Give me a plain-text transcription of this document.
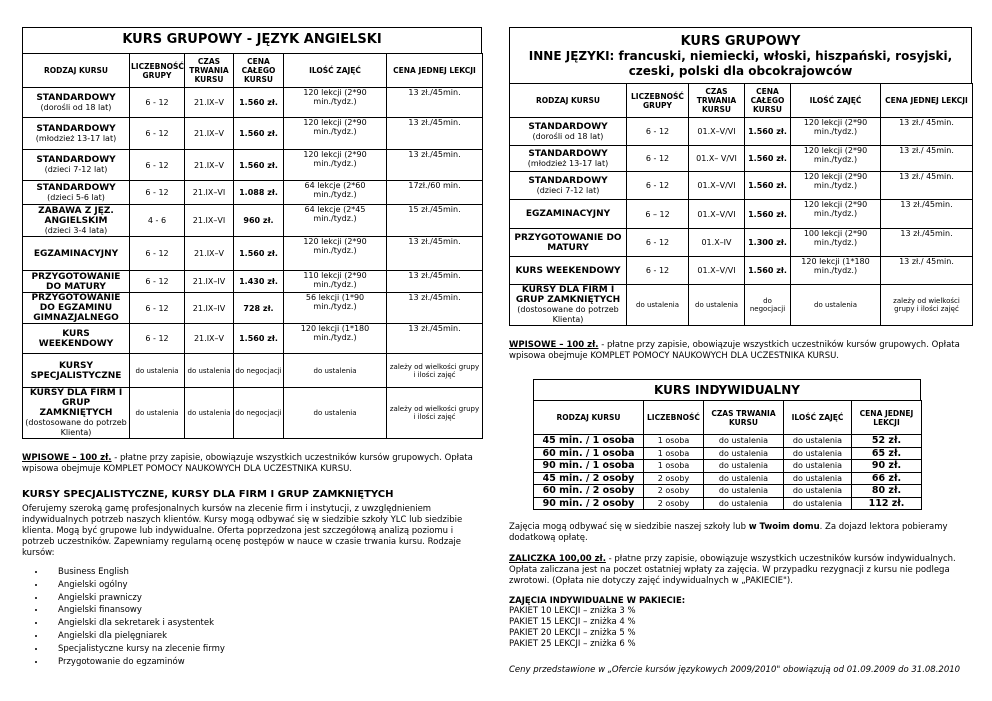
KURS GRUPOWY - JĘZYK ANGIELSKI
RODZAJ KURSU	LICZEBNOŚĆ GRUPY	CZAS TRWANIA KURSU	CENA CAŁEGO KURSU	ILOŚĆ ZAJĘĆ	CENA JEDNEJ LEKCJI

STANDARDOWY
(dorośli od 18 lat)	6 - 12	21.IX–V	1.560 zł.	120 lekcji (2*90 min./tydz.)	13 zł./45min.

STANDARDOWY
(młodzież 13-17 lat)	6 - 12	21.IX–V	1.560 zł.	120 lekcji (2*90 min./tydz.)	13 zł./45min.

STANDARDOWY
(dzieci 7-12 lat)	6 - 12	21.IX–V	1.560 zł.	120 lekcji (2*90 min./tydz.)	13 zł./45min.

STANDARDOWY
(dzieci 5-6 lat)	6 - 12	21.IX–VI	1.088 zł.	64 lekcje (2*60 min./tydz.)	17zł./60 min.

ZABAWA Z JĘZ. ANGIELSKIM
(dzieci 3-4 lata)	4 - 6	21.IX–VI	960 zł.	64 lekcje (2*45 min./tydz.)	15 zł./45min.

EGZAMINACYJNY	6 - 12	21.IX–V	1.560 zł.	120 lekcji (2*90 min./tydz.)	13 zł./45min.

PRZYGOTOWANIE DO MATURY	6 - 12	21.IX–IV	1.430 zł.	110 lekcji (2*90 min./tydz.)	13 zł./45min.

PRZYGOTOWANIE DO EGZAMINU GIMNAZJALNEGO	6 - 12	21.IX–IV	728 zł.	56 lekcji (1*90 min./tydz.)	13 zł./45min.

KURS WEEKENDOWY	6 - 12	21.IX–V	1.560 zł.	120 lekcji (1*180 min./tydz.)	13 zł./45min.

KURSY SPECJALISTYCZNE	do ustalenia	do ustalenia	do negocjacji	do ustalenia	zależy od wielkości grupy i ilości zajęć

KURSY DLA FIRM I GRUP ZAMKNIĘTYCH
(dostosowane do potrzeb Klienta)	do ustalenia	do ustalenia	do negocjacji	do ustalenia	zależy od wielkości grupy i ilości zajęć

WPISOWE – 100 zł. - płatne przy zapisie, obowiązuje wszystkich uczestników kursów grupowych. Opłata wpisowa obejmuje KOMPLET POMOCY NAUKOWYCH DLA UCZESTNIKA KURSU.

KURSY SPECJALISTYCZNE, KURSY DLA FIRM I GRUP ZAMKNIĘTYCH

Oferujemy szeroką gamę profesjonalnych kursów na zlecenie firm i instytucji, z uwzględnieniem indywidualnych potrzeb naszych klientów. Kursy mogą odbywać się w siedzibie szkoły YLC lub siedzibie klienta. Mogą być grupowe lub indywidualne. Oferta poprzedzona jest szczegółową analizą poziomu i potrzeb uczestników. Zapewniamy regularną ocenę postępów w nauce w czasie trwania kursu. Rodzaje kursów:

• Business English
• Angielski ogólny
• Angielski prawniczy
• Angielski finansowy
• Angielski dla sekretarek i asystentek
• Angielski dla pielęgniarek
• Specjalistyczne kursy na zlecenie firmy
• Przygotowanie do egzaminów
KURS GRUPOWY
INNE JĘZYKI: francuski, niemiecki, włoski, hiszpański, rosyjski, czeski, polski dla obcokrajowców
RODZAJ KURSU	LICZEBNOŚĆ GRUPY	CZAS TRWANIA KURSU	CENA CAŁEGO KURSU	ILOŚĆ ZAJĘĆ	CENA JEDNEJ LEKCJI

STANDARDOWY
(dorośli od 18 lat)	6 - 12	01.X–V/VI	1.560 zł.	120 lekcji (2*90 min./tydz.)	13 zł./ 45min.

STANDARDOWY
(młodzież 13-17 lat)	6 - 12	01.X– V/VI	1.560 zł.	120 lekcji (2*90 min./tydz.)	13 zł./ 45min.

STANDARDOWY
(dzieci 7-12 lat)	6 - 12	01.X–V/VI	1.560 zł.	120 lekcji (2*90 min./tydz.)	13 zł./ 45min.

EGZAMINACYJNY	6 – 12	01.X–V/VI	1.560 zł.	120 lekcji (2*90 min./tydz.)	13 zł./45min.

PRZYGOTOWANIE DO MATURY	6 - 12	01.X–IV	1.300 zł.	100 lekcji (2*90 min./tydz.)	13 zł./45min.

KURS WEEKENDOWY	6 - 12	01.X–V/VI	1.560 zł.	120 lekcji (1*180 min./tydz.)	13 zł./ 45min.

KURSY DLA FIRM I GRUP ZAMKNIĘTYCH
(dostosowane do potrzeb Klienta)	do ustalenia	do ustalenia	do negocjacji	do ustalenia	zależy od wielkości grupy i ilości zajęć

WPISOWE – 100 zł. - płatne przy zapisie, obowiązuje wszystkich uczestników kursów grupowych. Opłata wpisowa obejmuje KOMPLET POMOCY NAUKOWYCH DLA UCZESTNIKA KURSU.

KURS INDYWIDUALNY
RODZAJ KURSU	LICZEBNOŚĆ	CZAS TRWANIA KURSU	ILOŚĆ ZAJĘĆ	CENA JEDNEJ LEKCJI
45 min. / 1 osoba	1 osoba	do ustalenia	do ustalenia	52 zł.
60 min. / 1 osoba	1 osoba	do ustalenia	do ustalenia	65 zł.
90 min. / 1 osoba	1 osoba	do ustalenia	do ustalenia	90 zł.
45 min. / 2 osoby	2 osoby	do ustalenia	do ustalenia	66 zł.
60 min. / 2 osoby	2 osoby	do ustalenia	do ustalenia	80 zł.
90 min. / 2 osoby	2 osoby	do ustalenia	do ustalenia	112 zł.

Zajęcia mogą odbywać się w siedzibie naszej szkoły lub w Twoim domu. Za dojazd lektora pobieramy dodatkową opłatę.

ZALICZKA 100,00 zł. - płatne przy zapisie, obowiązuje wszystkich uczestników kursów indywidualnych. Opłata zaliczana jest na poczet ostatniej wpłaty za zajęcia. W przypadku rezygnacji z kursu nie podlega zwrotowi. (Opłata nie dotyczy zajęć indywidualnych w „PAKIECIE").

ZAJĘCIA INDYWIDUALNE W PAKIECIE:

PAKIET 10 LEKCJI – zniżka 3 %

PAKIET 15 LEKCJI – zniżka 4 %

PAKIET 20 LEKCJI – zniżka 5 %

PAKIET 25 LEKCJI – zniżka 6 %

Ceny przedstawione w „Ofercie kursów językowych 2009/2010" obowiązują od 01.09.2009 do 31.08.2010
